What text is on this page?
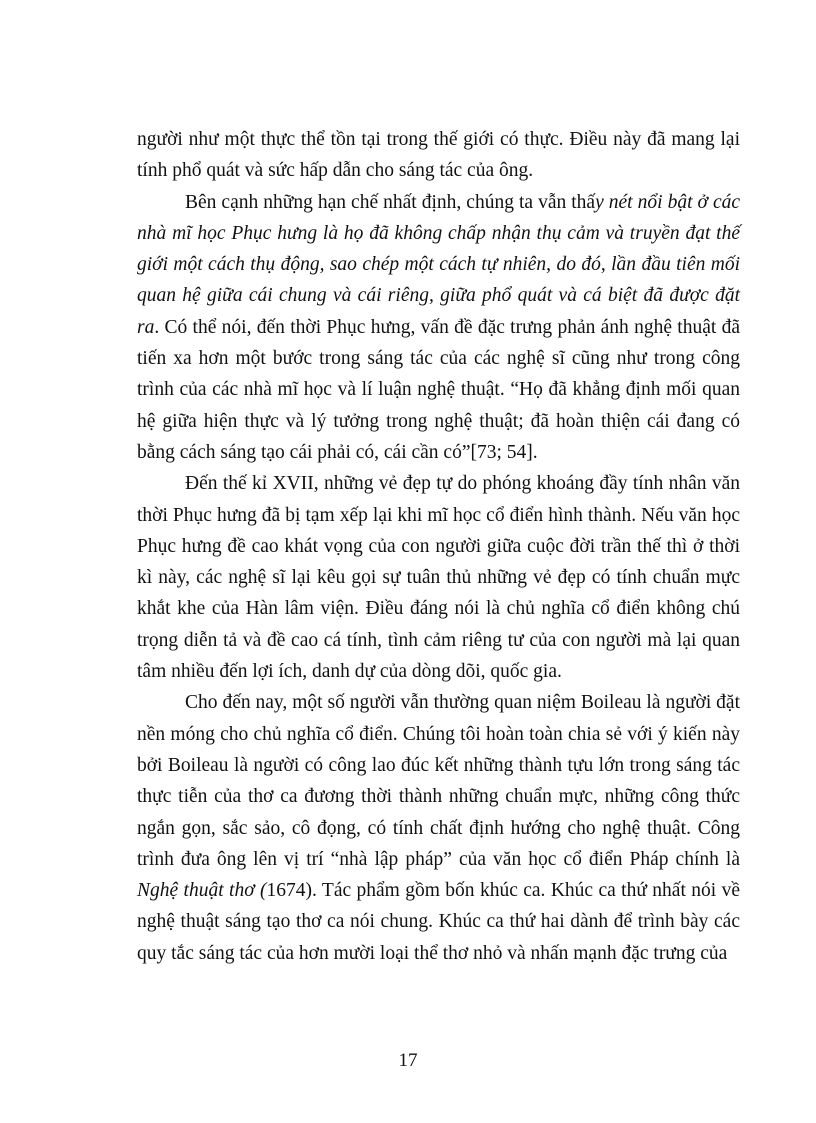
người như một thực thể tồn tại trong thế giới có thực. Điều này đã mang lại tính phổ quát và sức hấp dẫn cho sáng tác của ông.

Bên cạnh những hạn chế nhất định, chúng ta vẫn thấy nét nổi bật ở các nhà mĩ học Phục hưng là họ đã không chấp nhận thụ cảm và truyền đạt thế giới một cách thụ động, sao chép một cách tự nhiên, do đó, lần đầu tiên mối quan hệ giữa cái chung và cái riêng, giữa phổ quát và cá biệt đã được đặt ra. Có thể nói, đến thời Phục hưng, vấn đề đặc trưng phản ánh nghệ thuật đã tiến xa hơn một bước trong sáng tác của các nghệ sĩ cũng như trong công trình của các nhà mĩ học và lí luận nghệ thuật. “Họ đã khẳng định mối quan hệ giữa hiện thực và lý tưởng trong nghệ thuật; đã hoàn thiện cái đang có bằng cách sáng tạo cái phải có, cái cần có”[73; 54].

Đến thế kỉ XVII, những vẻ đẹp tự do phóng khoáng đầy tính nhân văn thời Phục hưng đã bị tạm xếp lại khi mĩ học cổ điển hình thành. Nếu văn học Phục hưng đề cao khát vọng của con người giữa cuộc đời trần thế thì ở thời kì này, các nghệ sĩ lại kêu gọi sự tuân thủ những vẻ đẹp có tính chuẩn mực khắt khe của Hàn lâm viện. Điều đáng nói là chủ nghĩa cổ điển không chú trọng diễn tả và đề cao cá tính, tình cảm riêng tư của con người mà lại quan tâm nhiều đến lợi ích, danh dự của dòng dõi, quốc gia.

Cho đến nay, một số người vẫn thường quan niệm Boileau là người đặt nền móng cho chủ nghĩa cổ điển. Chúng tôi hoàn toàn chia sẻ với ý kiến này bởi Boileau là người có công lao đúc kết những thành tựu lớn trong sáng tác thực tiễn của thơ ca đương thời thành những chuẩn mực, những công thức ngắn gọn, sắc sảo, cô đọng, có tính chất định hướng cho nghệ thuật. Công trình đưa ông lên vị trí “nhà lập pháp” của văn học cổ điển Pháp chính là Nghệ thuật thơ (1674). Tác phẩm gồm bốn khúc ca. Khúc ca thứ nhất nói về nghệ thuật sáng tạo thơ ca nói chung. Khúc ca thứ hai dành để trình bày các quy tắc sáng tác của hơn mười loại thể thơ nhỏ và nhấn mạnh đặc trưng của

17
